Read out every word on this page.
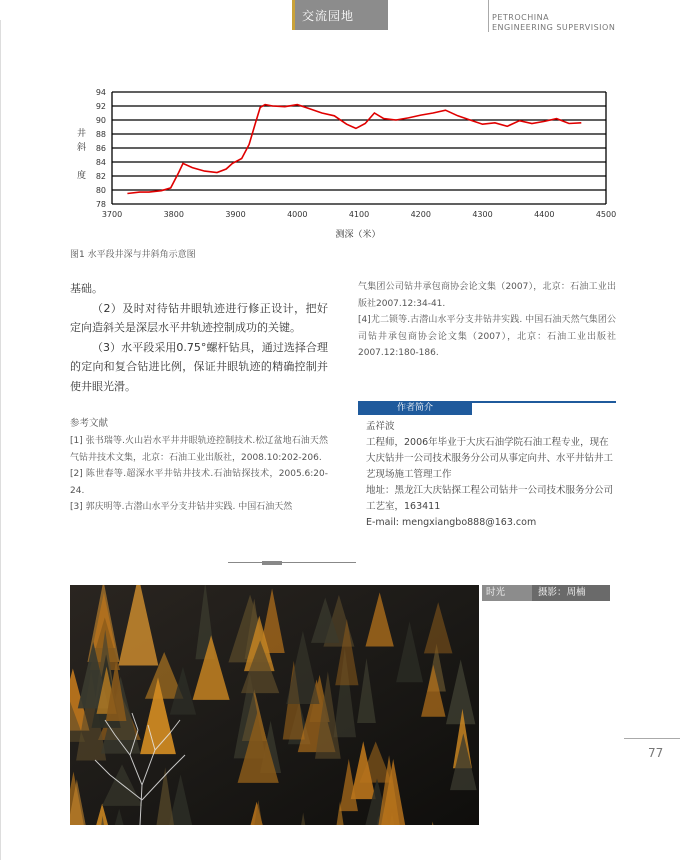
交流园地	PETROCHINA
ENGINEERING SUPERVISION
78
80
82
84
86
88
90
92
94
3700	3800	3900	4000	4100	4200	4300	4400	4500
井
斜
度
测深（米）
图1 水平段井深与井斜角示意图

基础。

（2）及时对待钻井眼轨迹进行修正设计，把好定向造斜关是深层水平井轨迹控制成功的关键。

（3）水平段采用0.75°螺杆钻具，通过选择合理的定向和复合钻进比例，保证井眼轨迹的精确控制并使井眼光滑。

参考文献

[1] 张书瑞等.火山岩水平井井眼轨迹控制技术.松辽盆地石油天然气钻井技术文集，北京：石油工业出版社，2008.10:202-206.

[2] 陈世春等.超深水平井钻井技术.石油钻探技术，2005.6:20-24.

[3] 郭庆明等.古潜山水平分支井钻井实践. 中国石油天然

气集团公司钻井承包商协会论文集（2007），北京：石油工业出版社2007.12:34-41.

[4]尤二锁等.古潜山水平分支井钻井实践. 中国石油天然气集团公司钻井承包商协会论文集（2007），北京：石油工业出版社2007.12:180-186.

作者简介

孟祥波

工程师，2006年毕业于大庆石油学院石油工程专业，现在大庆钻井一公司技术服务分公司从事定向井、水平井钻井工艺现场施工管理工作

地址：黑龙江大庆钻探工程公司钻井一公司技术服务分公司工艺室，163411

E-mail: mengxiangbo888@163.com

时光	摄影：周楠
77
